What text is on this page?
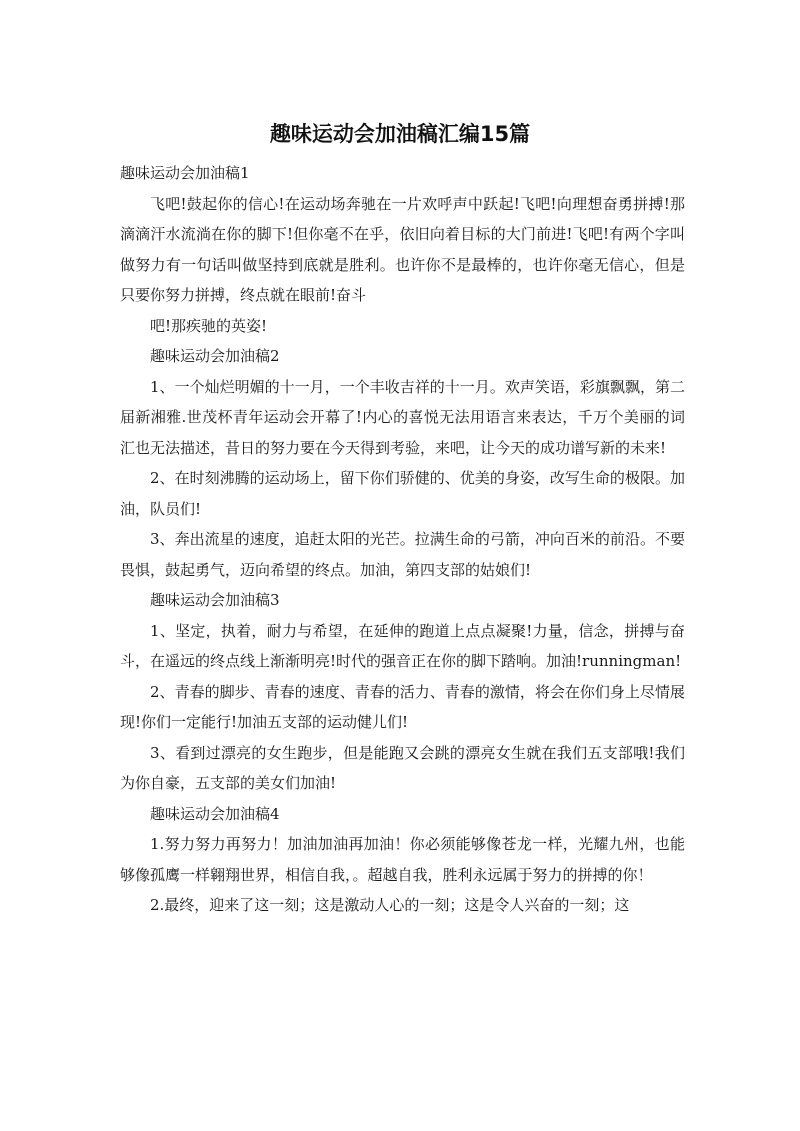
趣味运动会加油稿汇编15篇

趣味运动会加油稿1

飞吧!鼓起你的信心!在运动场奔驰在一片欢呼声中跃起!飞吧!向理想奋勇拼搏!那滴滴汗水流淌在你的脚下!但你毫不在乎，依旧向着目标的大门前进!飞吧!有两个字叫做努力有一句话叫做坚持到底就是胜利。也许你不是最棒的，也许你毫无信心，但是只要你努力拼搏，终点就在眼前!奋斗

吧!那疾驰的英姿!

趣味运动会加油稿2

1、一个灿烂明媚的十一月，一个丰收吉祥的十一月。欢声笑语，彩旗飘飘，第二届新湘雅.世茂杯青年运动会开幕了!内心的喜悦无法用语言来表达，千万个美丽的词汇也无法描述，昔日的努力要在今天得到考验，来吧，让今天的成功谱写新的未来!

2、在时刻沸腾的运动场上，留下你们骄健的、优美的身姿，改写生命的极限。加油，队员们!

3、奔出流星的速度，追赶太阳的光芒。拉满生命的弓箭，冲向百米的前沿。不要畏惧，鼓起勇气，迈向希望的终点。加油，第四支部的姑娘们!

趣味运动会加油稿3

1、坚定，执着，耐力与希望，在延伸的跑道上点点凝聚!力量，信念，拼搏与奋斗，在遥远的终点线上渐渐明亮!时代的强音正在你的脚下踏响。加油!runningman!

2、青春的脚步、青春的速度、青春的活力、青春的激情，将会在你们身上尽情展现!你们一定能行!加油五支部的运动健儿们!

3、看到过漂亮的女生跑步，但是能跑又会跳的漂亮女生就在我们五支部哦!我们为你自豪，五支部的美女们加油!

趣味运动会加油稿4

1.努力努力再努力！加油加油再加油！你必须能够像苍龙一样，光耀九州，也能够像孤鹰一样翱翔世界，相信自我，。超越自我，胜利永远属于努力的拼搏的你！

2.最终，迎来了这一刻；这是激动人心的一刻；这是令人兴奋的一刻；这
